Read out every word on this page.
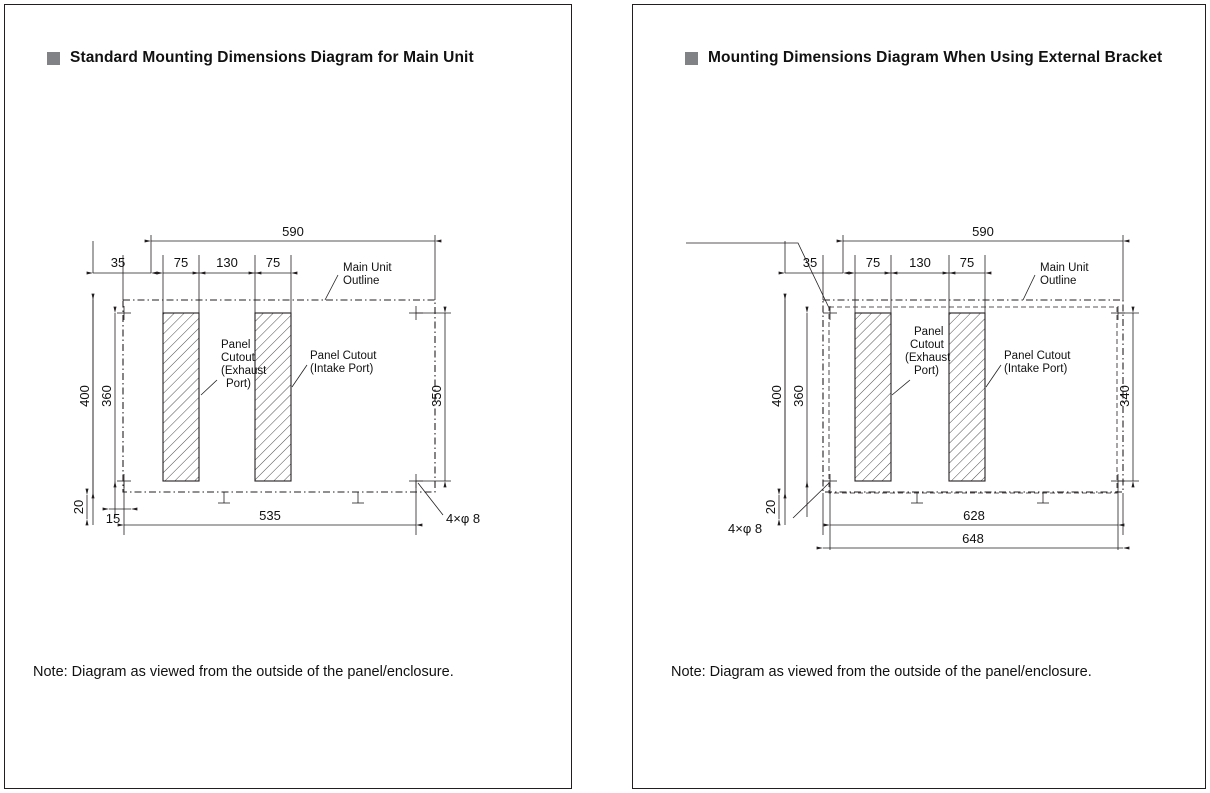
Standard Mounting Dimensions Diagram for Main Unit
590
35	75 130 75
400 360	350
20
15	535
Main Unit
Outline
Panel
Cutout
(Exhaust
Port)
Panel Cutout
(Intake Port)
4×φ 8
Note: Diagram as viewed from the outside of the panel/enclosure.
Mounting Dimensions Diagram When Using External Bracket
590
35	75 130 75
400 360	340
20
628
648
Main Unit
Outline
Panel
Cutout
(Exhaust
Port)
Panel Cutout
(Intake Port)
4×φ 8
Note: Diagram as viewed from the outside of the panel/enclosure.
